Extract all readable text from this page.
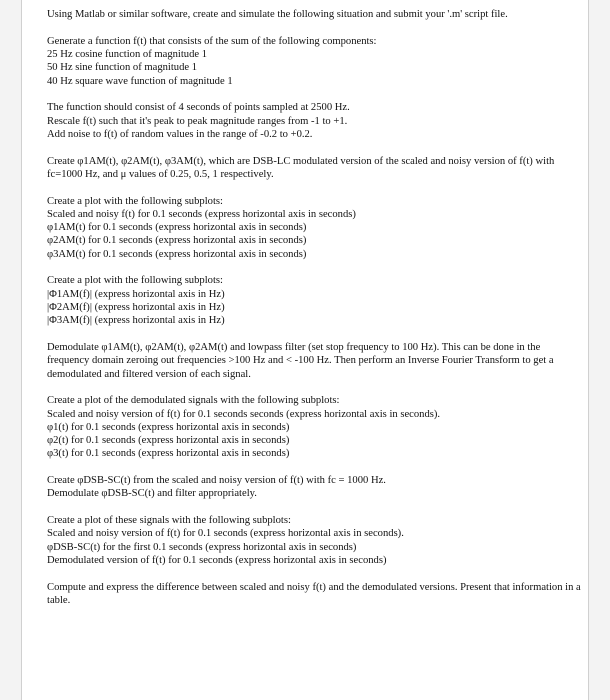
Using Matlab or similar software, create and simulate the following situation and submit your '.m' script file.

Generate a function f(t) that consists of the sum of the following components:
25 Hz cosine function of magnitude 1
50 Hz sine function of magnitude 1
40 Hz square wave function of magnitude 1

The function should consist of 4 seconds of points sampled at 2500 Hz.
Rescale f(t) such that it's peak to peak magnitude ranges from -1 to +1.
Add noise to f(t) of random values in the range of -0.2 to +0.2.

Create φ1AM(t), φ2AM(t), φ3AM(t), which are DSB-LC modulated version of the scaled and noisy version of f(t) with fc=1000 Hz, and μ values of 0.25, 0.5, 1 respectively.

Create a plot with the following subplots:
Scaled and noisy f(t) for 0.1 seconds (express horizontal axis in seconds)
φ1AM(t) for 0.1 seconds (express horizontal axis in seconds)
φ2AM(t) for 0.1 seconds (express horizontal axis in seconds)
φ3AM(t) for 0.1 seconds (express horizontal axis in seconds)

Create a plot with the following subplots:
|Φ1AM(f)| (express horizontal axis in Hz)
|Φ2AM(f)| (express horizontal axis in Hz)
|Φ3AM(f)| (express horizontal axis in Hz)

Demodulate φ1AM(t), φ2AM(t), φ2AM(t) and lowpass filter (set stop frequency to 100 Hz). This can be done in the frequency domain zeroing out frequencies >100 Hz and < -100 Hz. Then perform an Inverse Fourier Transform to get a demodulated and filtered version of each signal.

Create a plot of the demodulated signals with the following subplots:
Scaled and noisy version of f(t) for 0.1 seconds seconds (express horizontal axis in seconds).
φ1(t) for 0.1 seconds (express horizontal axis in seconds)
φ2(t) for 0.1 seconds (express horizontal axis in seconds)
φ3(t) for 0.1 seconds (express horizontal axis in seconds)

Create φDSB-SC(t) from the scaled and noisy version of f(t) with fc = 1000 Hz.
Demodulate φDSB-SC(t) and filter appropriately.

Create a plot of these signals with the following subplots:
Scaled and noisy version of f(t) for 0.1 seconds (express horizontal axis in seconds).
φDSB-SC(t) for the first 0.1 seconds (express horizontal axis in seconds)
Demodulated version of f(t) for 0.1 seconds (express horizontal axis in seconds)

Compute and express the difference between scaled and noisy f(t) and the demodulated versions. Present that information in a table.
